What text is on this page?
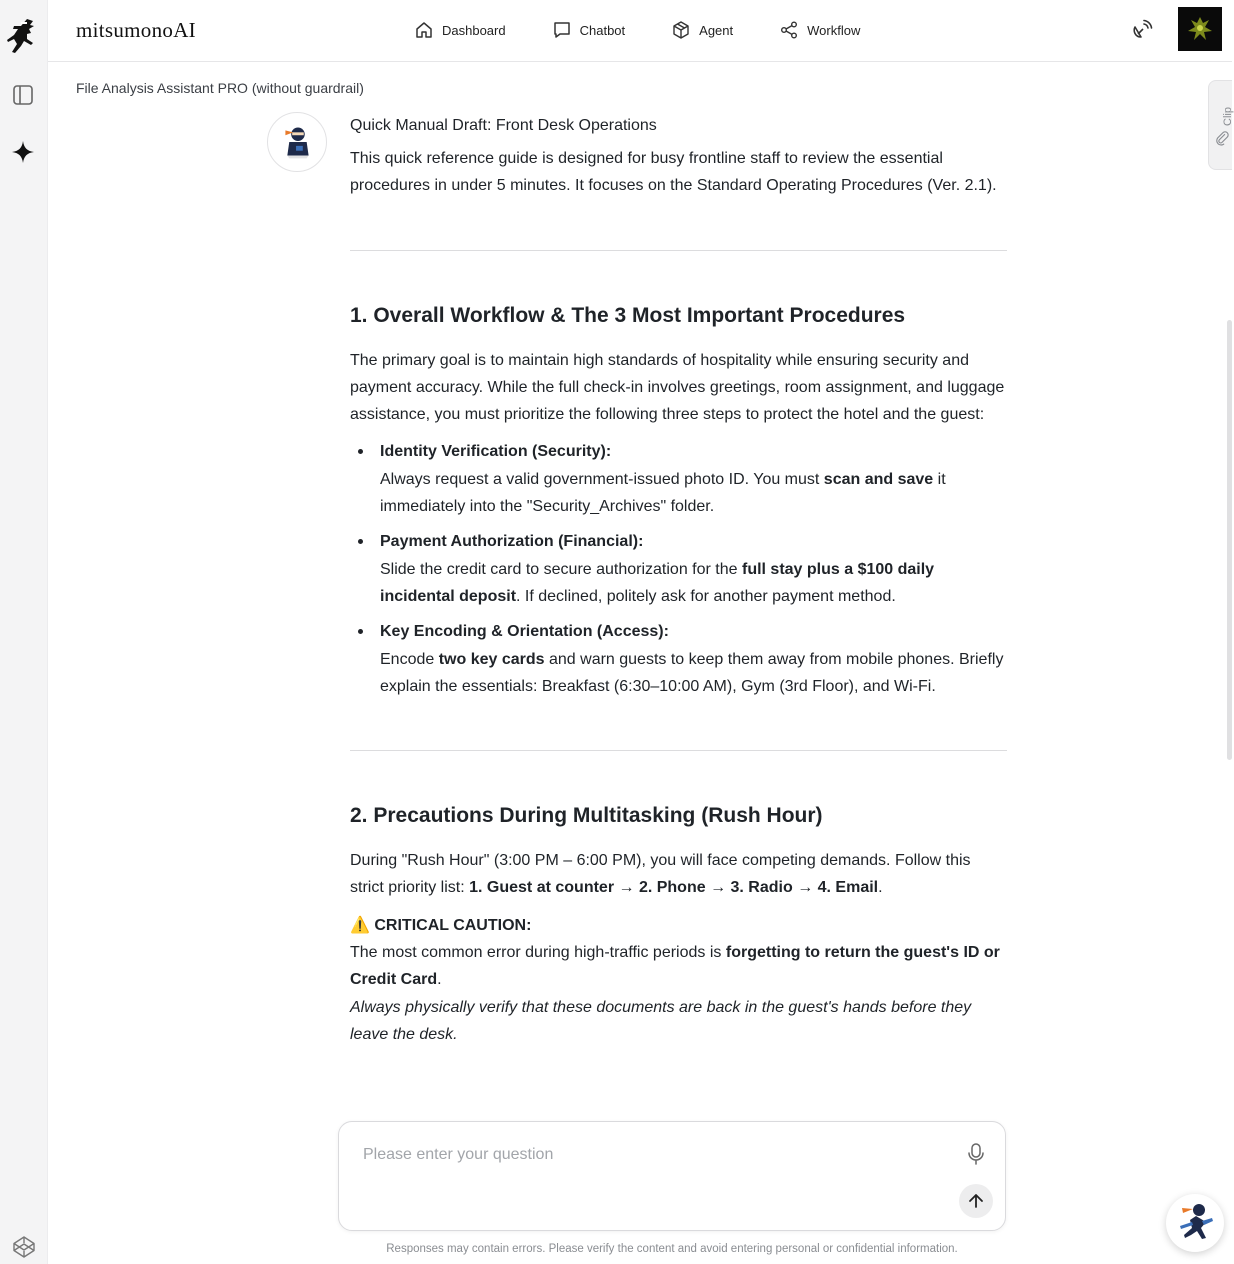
mitsumonoAI	Dashboard	Chatbot	Agent	Workflow
File Analysis Assistant PRO (without guardrail)

Quick Manual Draft: Front Desk Operations

This quick reference guide is designed for busy frontline staff to review the essential procedures in under 5 minutes. It focuses on the Standard Operating Procedures (Ver. 2.1).

1. Overall Workflow & The 3 Most Important Procedures

The primary goal is to maintain high standards of hospitality while ensuring security and payment accuracy. While the full check-in involves greetings, room assignment, and luggage assistance, you must prioritize the following three steps to protect the hotel and the guest:

Identity Verification (Security):
Always request a valid government-issued photo ID. You must scan and save it immediately into the "Security_Archives" folder.
Payment Authorization (Financial):
Slide the credit card to secure authorization for the full stay plus a $100 daily incidental deposit. If declined, politely ask for another payment method.
Key Encoding & Orientation (Access):
Encode two key cards and warn guests to keep them away from mobile phones. Briefly explain the essentials: Breakfast (6:30–10:00 AM), Gym (3rd Floor), and Wi-Fi.
2. Precautions During Multitasking (Rush Hour)

During "Rush Hour" (3:00 PM – 6:00 PM), you will face competing demands. Follow this strict priority list: 1. Guest at counter → 2. Phone → 3. Radio → 4. Email.

⚠️ CRITICAL CAUTION:
The most common error during high-traffic periods is forgetting to return the guest's ID or Credit Card.
Always physically verify that these documents are back in the guest's hands before they leave the desk.

Clip
Please enter your question
Responses may contain errors. Please verify the content and avoid entering personal or confidential information.
